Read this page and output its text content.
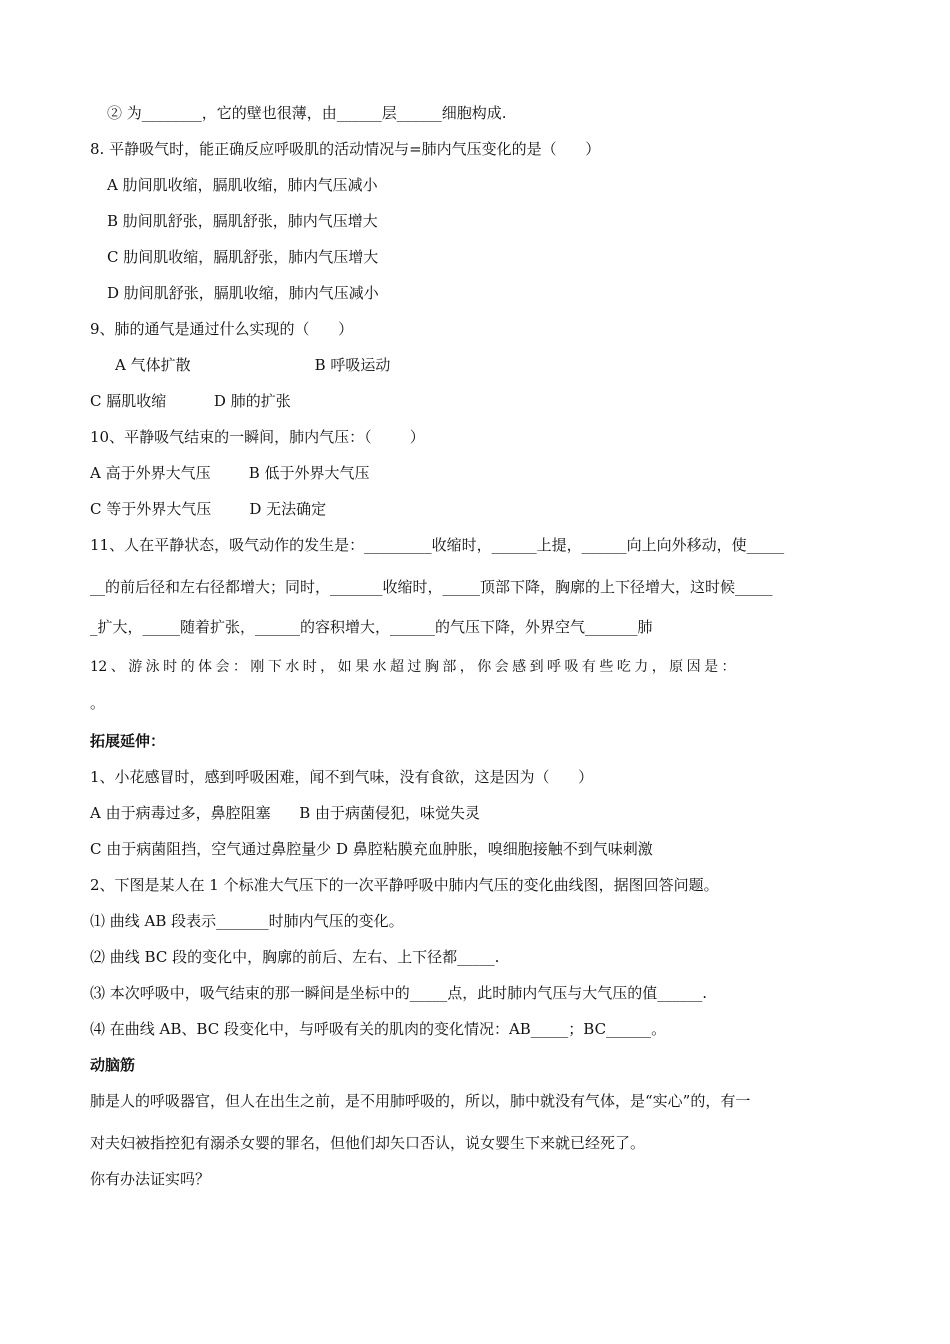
② 为________，它的壁也很薄，由______层______细胞构成.
8. 平静吸气时，能正确反应呼吸肌的活动情况与=肺内气压变化的是（      ）
A 肋间肌收缩，膈肌收缩，肺内气压减小
B 肋间肌舒张，膈肌舒张，肺内气压增大
C 肋间肌收缩，膈肌舒张，肺内气压增大
D 肋间肌舒张，膈肌收缩，肺内气压减小
9、肺的通气是通过什么实现的（      ）
A 气体扩散                          B 呼吸运动
C 膈肌收缩          D 肺的扩张
10、平静吸气结束的一瞬间，肺内气压：（        ）
A 高于外界大气压        B 低于外界大气压
C 等于外界大气压        D 无法确定
11、人在平静状态，吸气动作的发生是：_________收缩时，______上提，______向上向外移动，使_____
__的前后径和左右径都增大；同时，_______收缩时，_____顶部下降，胸廓的上下径增大，这时候_____
_扩大，_____随着扩张，______的容积增大，______的气压下降，外界空气_______肺
12 、 游 泳 时 的 体 会 ： 刚 下 水 时 ， 如 果 水 超 过 胸 部 ， 你 会 感 到 呼 吸 有 些 吃 力 ， 原 因 是 ：
。
拓展延伸：
1、小花感冒时，感到呼吸困难，闻不到气味，没有食欲，这是因为（      ）
A 由于病毒过多，鼻腔阻塞      B 由于病菌侵犯，味觉失灵
C 由于病菌阻挡，空气通过鼻腔量少 D 鼻腔粘膜充血肿胀，嗅细胞接触不到气味刺激
2、下图是某人在 1 个标准大气压下的一次平静呼吸中肺内气压的变化曲线图，据图回答问题。
⑴ 曲线 AB 段表示_______时肺内气压的变化。
⑵ 曲线 BC 段的变化中，胸廓的前后、左右、上下径都_____.
⑶ 本次呼吸中，吸气结束的那一瞬间是坐标中的_____点，此时肺内气压与大气压的值______.
⑷ 在曲线 AB、BC 段变化中，与呼吸有关的肌肉的变化情况：AB_____；BC______。
动脑筋
肺是人的呼吸器官，但人在出生之前，是不用肺呼吸的，所以，肺中就没有气体，是“实心”的，有一
对夫妇被指控犯有溺杀女婴的罪名，但他们却矢口否认，说女婴生下来就已经死了。
你有办法证实吗？
